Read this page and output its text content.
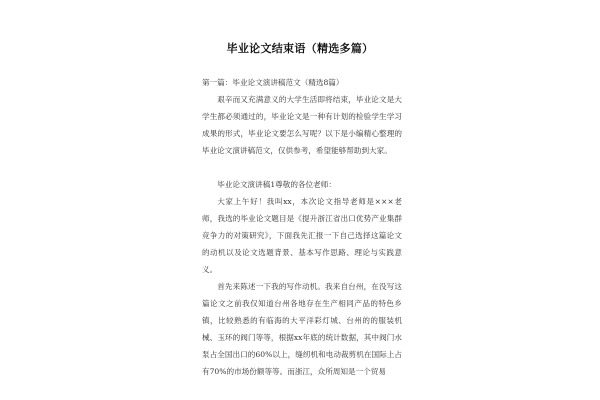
毕业论文结束语（精选多篇）

第一篇：毕业论文演讲稿范文（精选8篇）

艰辛而又充满意义的大学生活即将结束，毕业论文是大学生都必须通过的，毕业论文是一种有计划的检验学生学习成果的形式，毕业论文要怎么写呢？以下是小编精心整理的毕业论文演讲稿范文，仅供参考，希望能够帮助到大家。

毕业论文演讲稿1尊敬的各位老师：

大家上午好！我叫xx，本次论文指导老师是×××老师，我选的毕业论文题目是《提升浙江省出口优势产业集群竞争力的对策研究》，下面我先汇报一下自己选择这篇论文的动机以及论文选题背景、基本写作思路、理论与实践意义。

首先来陈述一下我的写作动机。我来自台州，在没写这篇论文之前我仅知道台州各地存在生产相同产品的特色乡镇，比较熟悉的有临海的大平洋彩灯城、台州的的服装机械、玉环的阀门等等，根据xx年底的统计数据，其中阀门水泵占全国出口的60%以上，缝纫机和电动裁剪机在国际上占有70%的市场份额等等。而浙江，众所周知是一个贸易
